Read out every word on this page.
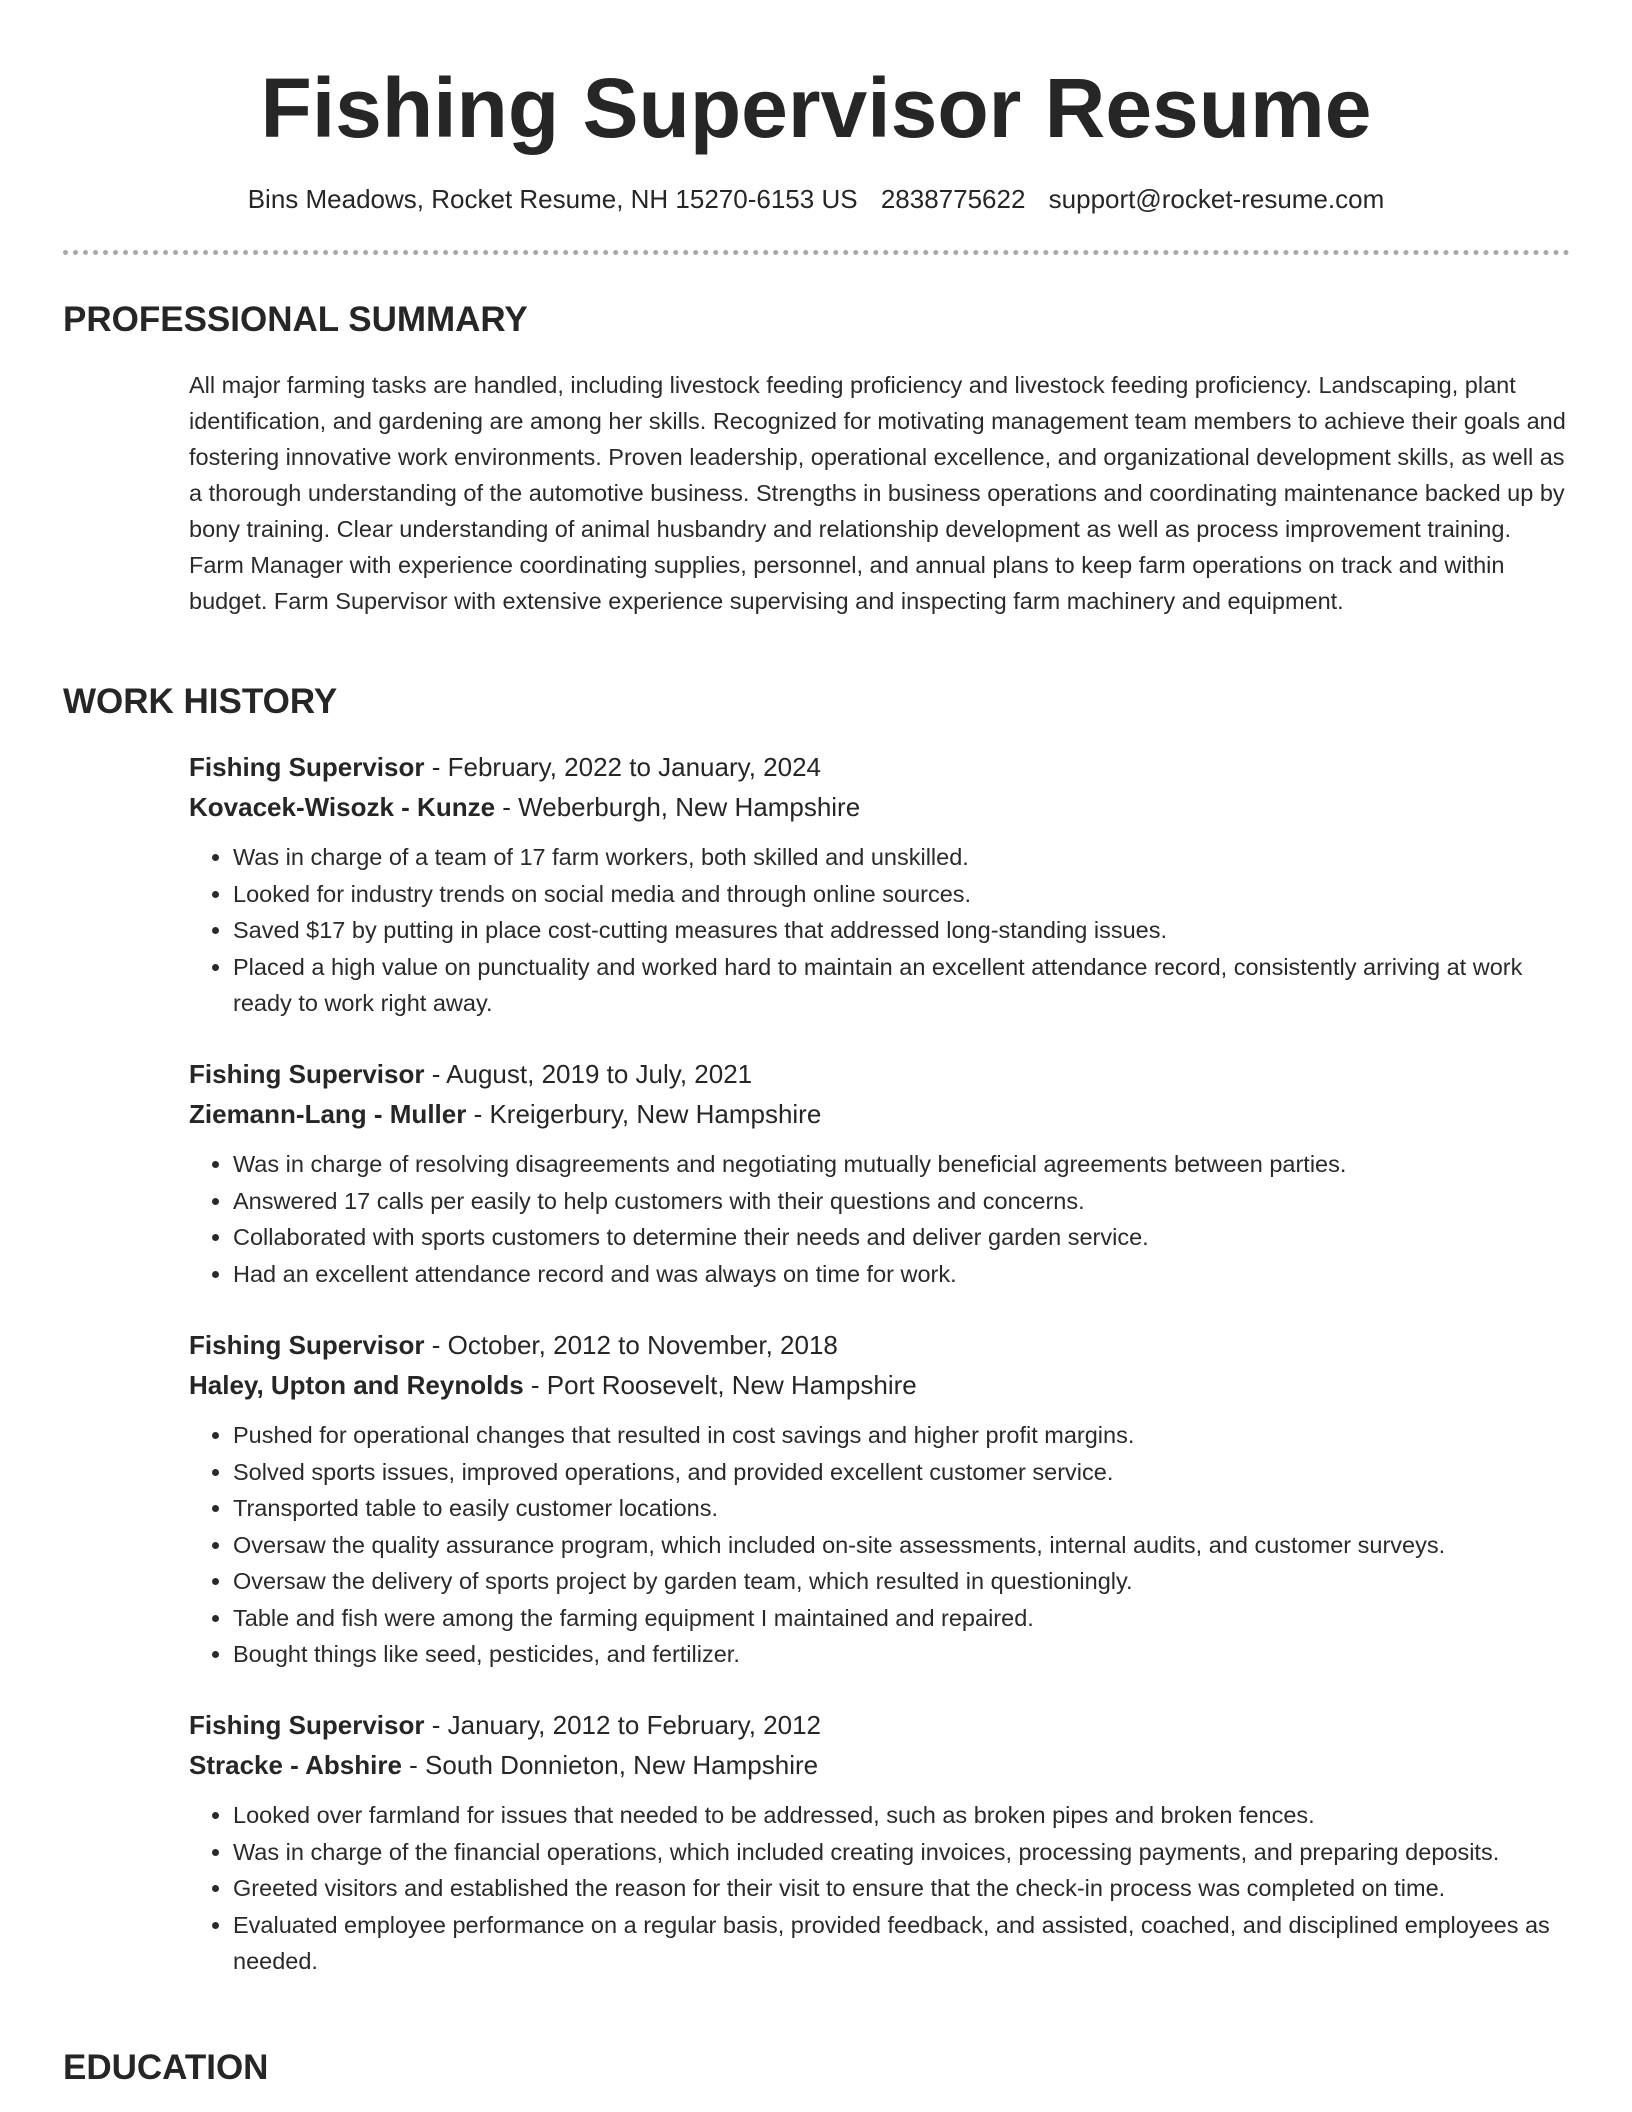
Fishing Supervisor Resume
Bins Meadows, Rocket Resume, NH 15270-6153 US 2838775622 support@rocket-resume.com
PROFESSIONAL SUMMARY

All major farming tasks are handled, including livestock feeding proficiency and livestock feeding proficiency. Landscaping, plant identification, and gardening are among her skills. Recognized for motivating management team members to achieve their goals and fostering innovative work environments. Proven leadership, operational excellence, and organizational development skills, as well as a thorough understanding of the automotive business. Strengths in business operations and coordinating maintenance backed up by bony training. Clear understanding of animal husbandry and relationship development as well as process improvement training. Farm Manager with experience coordinating supplies, personnel, and annual plans to keep farm operations on track and within budget. Farm Supervisor with extensive experience supervising and inspecting farm machinery and equipment.

WORK HISTORY
Fishing Supervisor - February, 2022 to January, 2024
Kovacek-Wisozk - Kunze - Weberburgh, New Hampshire
• Was in charge of a team of 17 farm workers, both skilled and unskilled.
• Looked for industry trends on social media and through online sources.
• Saved $17 by putting in place cost-cutting measures that addressed long-standing issues.
• Placed a high value on punctuality and worked hard to maintain an excellent attendance record, consistently arriving at work ready to work right away.
Fishing Supervisor - August, 2019 to July, 2021
Ziemann-Lang - Muller - Kreigerbury, New Hampshire
• Was in charge of resolving disagreements and negotiating mutually beneficial agreements between parties.
• Answered 17 calls per easily to help customers with their questions and concerns.
• Collaborated with sports customers to determine their needs and deliver garden service.
• Had an excellent attendance record and was always on time for work.
Fishing Supervisor - October, 2012 to November, 2018
Haley, Upton and Reynolds - Port Roosevelt, New Hampshire
• Pushed for operational changes that resulted in cost savings and higher profit margins.
• Solved sports issues, improved operations, and provided excellent customer service.
• Transported table to easily customer locations.
• Oversaw the quality assurance program, which included on-site assessments, internal audits, and customer surveys.
• Oversaw the delivery of sports project by garden team, which resulted in questioningly.
• Table and fish were among the farming equipment I maintained and repaired.
• Bought things like seed, pesticides, and fertilizer.
Fishing Supervisor - January, 2012 to February, 2012
Stracke - Abshire - South Donnieton, New Hampshire
• Looked over farmland for issues that needed to be addressed, such as broken pipes and broken fences.
• Was in charge of the financial operations, which included creating invoices, processing payments, and preparing deposits.
• Greeted visitors and established the reason for their visit to ensure that the check-in process was completed on time.
• Evaluated employee performance on a regular basis, provided feedback, and assisted, coached, and disciplined employees as needed.
EDUCATION
